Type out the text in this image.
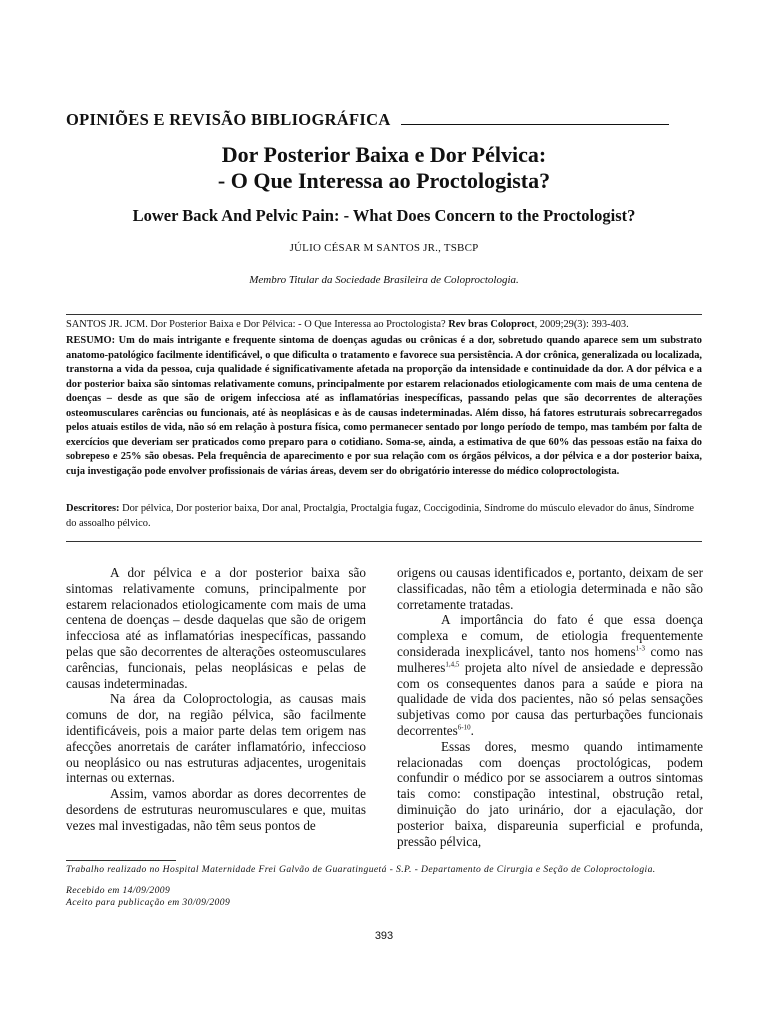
OPINIÕES E REVISÃO BIBLIOGRÁFICA
Dor Posterior Baixa e Dor Pélvica:
- O Que Interessa ao Proctologista?
Lower Back And Pelvic Pain: - What Does Concern to the Proctologist?
JÚLIO CÉSAR M SANTOS JR., TSBCP
Membro Titular da Sociedade Brasileira de Coloproctologia.
SANTOS JR. JCM. Dor Posterior Baixa e Dor Pélvica: - O Que Interessa ao Proctologista? Rev bras Coloproct, 2009;29(3): 393-403.
RESUMO: Um do mais intrigante e frequente sintoma de doenças agudas ou crônicas é a dor, sobretudo quando aparece sem um substrato anatomo-patológico facilmente identificável, o que dificulta o tratamento e favorece sua persistência. A dor crônica, generalizada ou localizada, transtorna a vida da pessoa, cuja qualidade é significativamente afetada na proporção da intensidade e continuidade da dor. A dor pélvica e a dor posterior baixa são sintomas relativamente comuns, principalmente por estarem relacionados etiologicamente com mais de uma centena de doenças – desde as que são de origem infecciosa até as inflamatórias inespecíficas, passando pelas que são decorrentes de alterações osteomusculares carências ou funcionais, até às neoplásicas e às de causas indeterminadas. Além disso, há fatores estruturais sobrecarregados pelos atuais estilos de vida, não só em relação à postura física, como permanecer sentado por longo período de tempo, mas também por falta de exercícios que deveriam ser praticados como preparo para o cotidiano. Soma-se, ainda, a estimativa de que 60% das pessoas estão na faixa do sobrepeso e 25% são obesas. Pela frequência de aparecimento e por sua relação com os órgãos pélvicos, a dor pélvica e a dor posterior baixa, cuja investigação pode envolver profissionais de várias áreas, devem ser do obrigatório interesse do médico coloproctologista.
Descritores: Dor pélvica, Dor posterior baixa, Dor anal, Proctalgia, Proctalgia fugaz, Coccigodinia, Síndrome do músculo elevador do ânus, Síndrome do assoalho pélvico.

A dor pélvica e a dor posterior baixa são sintomas relativamente comuns, principalmente por estarem relacionados etiologicamente com mais de uma centena de doenças – desde daquelas que são de origem infecciosa até as inflamatórias inespecíficas, passando pelas que são decorrentes de alterações osteomusculares carências, funcionais, pelas neoplásicas e pelas de causas indeterminadas.

Na área da Coloproctologia, as causas mais comuns de dor, na região pélvica, são facilmente identificáveis, pois a maior parte delas tem origem nas afecções anorretais de caráter inflamatório, infeccioso ou neoplásico ou nas estruturas adjacentes, urogenitais internas ou externas.

Assim, vamos abordar as dores decorrentes de desordens de estruturas neuromusculares e que, muitas vezes mal investigadas, não têm seus pontos de

origens ou causas identificados e, portanto, deixam de ser classificadas, não têm a etiologia determinada e não são corretamente tratadas.

A importância do fato é que essa doença complexa e comum, de etiologia frequentemente considerada inexplicável, tanto nos homens$^{1-3}$ como nas mulheres$^{1,4,5}$ projeta alto nível de ansiedade e depressão com os consequentes danos para a saúde e piora na qualidade de vida dos pacientes, não só pelas sensações subjetivas como por causa das perturbações funcionais decorrentes$^{6-10}$.

Essas dores, mesmo quando intimamente relacionadas com doenças proctológicas, podem confundir o médico por se associarem a outros sintomas tais como: constipação intestinal, obstrução retal, diminuição do jato urinário, dor a ejaculação, dor posterior baixa, dispareunia superficial e profunda, pressão pélvica,

Trabalho realizado no Hospital Maternidade Frei Galvão de Guaratinguetá - S.P. - Departamento de Cirurgia e Seção de Coloproctologia.
Recebido em 14/09/2009
Aceito para publicação em 30/09/2009
393
